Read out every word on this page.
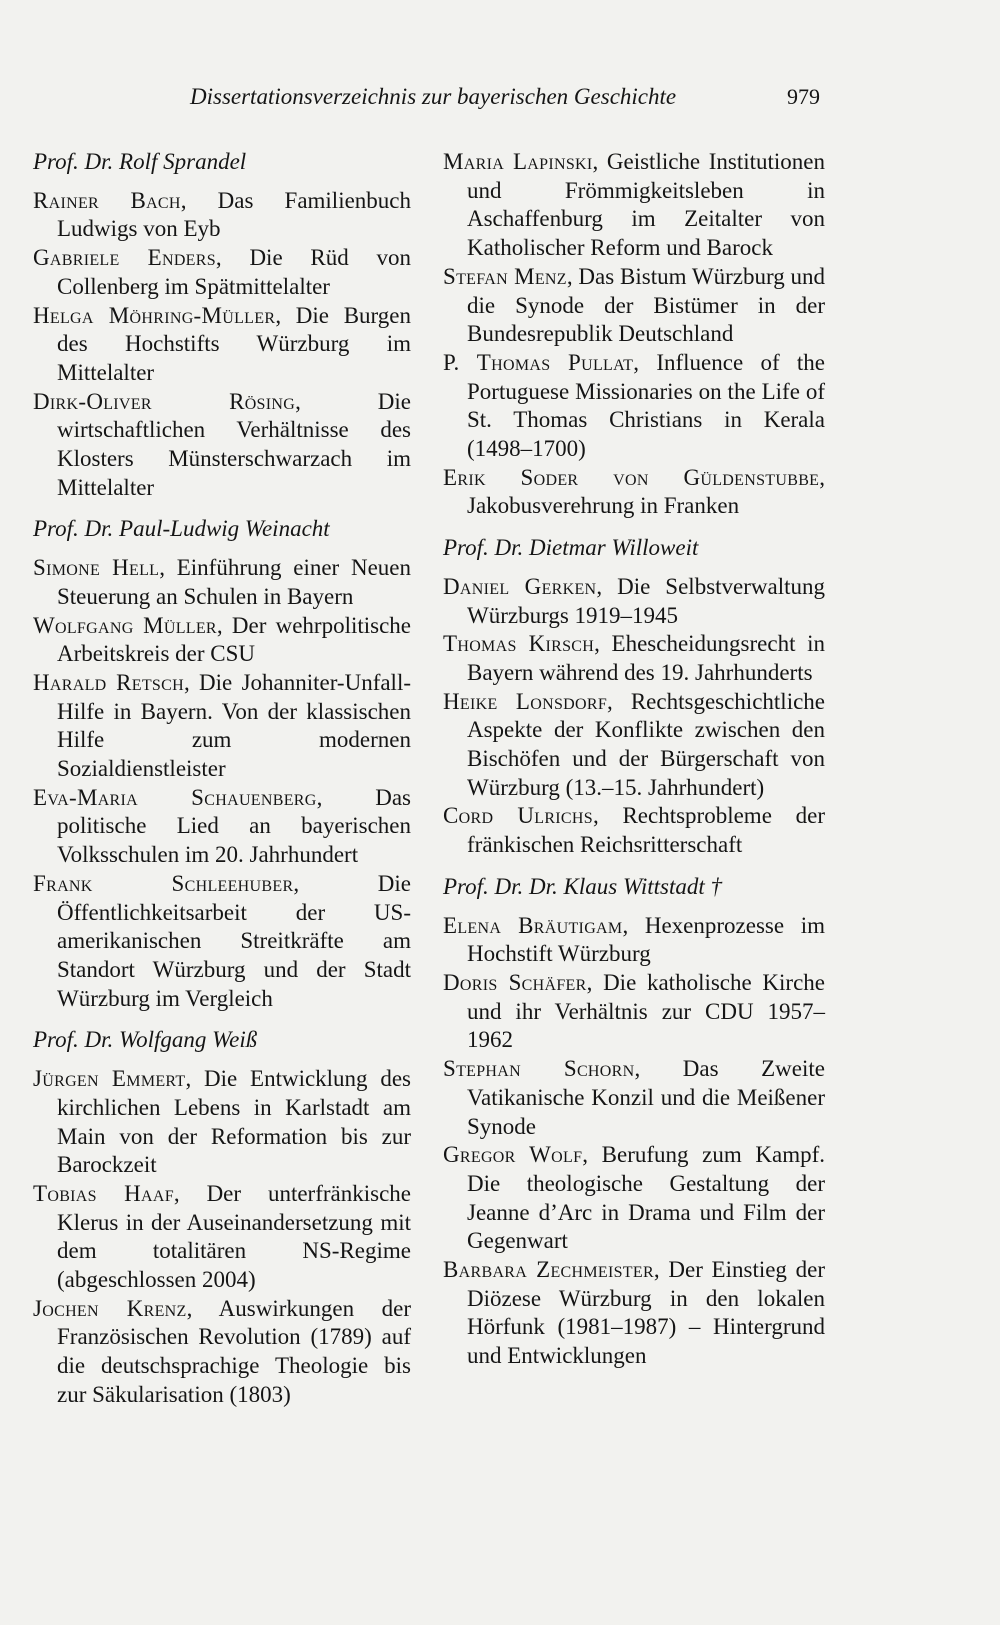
Dissertationsverzeichnis zur bayerischen Geschichte	979
Prof. Dr. Rolf Sprandel
Rainer Bach, Das Familienbuch Ludwigs von Eyb
Gabriele Enders, Die Rüd von Collenberg im Spätmittelalter
Helga Möhring-Müller, Die Burgen des Hochstifts Würzburg im Mittelalter
Dirk-Oliver Rösing, Die wirtschaftlichen Verhältnisse des Klosters Münsterschwarzach im Mittelalter
Prof. Dr. Paul-Ludwig Weinacht
Simone Hell, Einführung einer Neuen Steuerung an Schulen in Bayern
Wolfgang Müller, Der wehrpolitische Arbeitskreis der CSU
Harald Retsch, Die Johanniter-Unfall-Hilfe in Bayern. Von der klassischen Hilfe zum modernen Sozialdienstleister
Eva-Maria Schauenberg, Das politische Lied an bayerischen Volksschulen im 20. Jahrhundert
Frank Schleehuber, Die Öffentlichkeitsarbeit der US-amerikanischen Streitkräfte am Standort Würzburg und der Stadt Würzburg im Vergleich
Prof. Dr. Wolfgang Weiß
Jürgen Emmert, Die Entwicklung des kirchlichen Lebens in Karlstadt am Main von der Reformation bis zur Barockzeit
Tobias Haaf, Der unterfränkische Klerus in der Auseinandersetzung mit dem totalitären NS-Regime (abgeschlossen 2004)
Jochen Krenz, Auswirkungen der Französischen Revolution (1789) auf die deutschsprachige Theologie bis zur Säkularisation (1803)
Maria Lapinski, Geistliche Institutionen und Frömmigkeitsleben in Aschaffenburg im Zeitalter von Katholischer Reform und Barock
Stefan Menz, Das Bistum Würzburg und die Synode der Bistümer in der Bundesrepublik Deutschland
P. Thomas Pullat, Influence of the Portuguese Missionaries on the Life of St. Thomas Christians in Kerala (1498–1700)
Erik Soder von Güldenstubbe, Jakobusverehrung in Franken
Prof. Dr. Dietmar Willoweit
Daniel Gerken, Die Selbstverwaltung Würzburgs 1919–1945
Thomas Kirsch, Ehescheidungsrecht in Bayern während des 19. Jahrhunderts
Heike Lonsdorf, Rechtsgeschichtliche Aspekte der Konflikte zwischen den Bischöfen und der Bürgerschaft von Würzburg (13.–15. Jahrhundert)
Cord Ulrichs, Rechtsprobleme der fränkischen Reichsritterschaft
Prof. Dr. Dr. Klaus Wittstadt †
Elena Bräutigam, Hexenprozesse im Hochstift Würzburg
Doris Schäfer, Die katholische Kirche und ihr Verhältnis zur CDU 1957–1962
Stephan Schorn, Das Zweite Vatikanische Konzil und die Meißener Synode
Gregor Wolf, Berufung zum Kampf. Die theologische Gestaltung der Jeanne d’Arc in Drama und Film der Gegenwart
Barbara Zechmeister, Der Einstieg der Diözese Würzburg in den lokalen Hörfunk (1981–1987) – Hintergrund und Entwicklungen
